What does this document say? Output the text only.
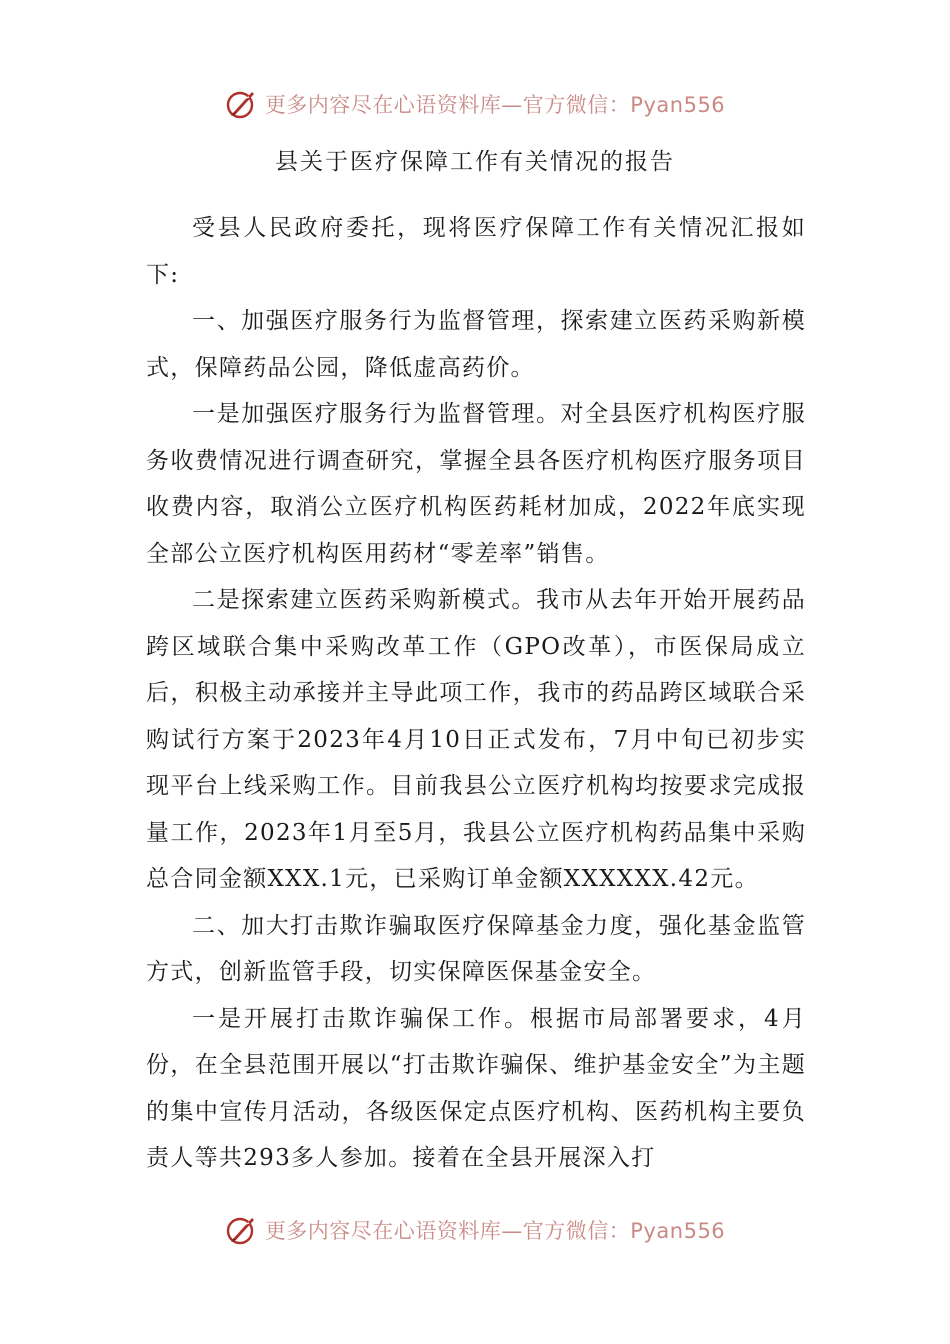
更多内容尽在心语资料库—官方微信：Pyan556
县关于医疗保障工作有关情况的报告

受县人民政府委托，现将医疗保障工作有关情况汇报如下:

一、加强医疗服务行为监督管理，探索建立医药采购新模式，保障药品公园，降低虚高药价。

一是加强医疗服务行为监督管理。对全县医疗机构医疗服务收费情况进行调查研究，掌握全县各医疗机构医疗服务项目收费内容，取消公立医疗机构医药耗材加成，2022年底实现全部公立医疗机构医用药材“零差率”销售。

二是探索建立医药采购新模式。我市从去年开始开展药品跨区域联合集中采购改革工作（GPO改革），市医保局成立后，积极主动承接并主导此项工作，我市的药品跨区域联合采购试行方案于2023年4月10日正式发布，7月中旬已初步实现平台上线采购工作。目前我县公立医疗机构均按要求完成报量工作，2023年1月至5月，我县公立医疗机构药品集中采购总合同金额XXX.1元，已采购订单金额XXXXXX.42元。

二、加大打击欺诈骗取医疗保障基金力度，强化基金监管方式，创新监管手段，切实保障医保基金安全。

一是开展打击欺诈骗保工作。根据市局部署要求，4月份，在全县范围开展以“打击欺诈骗保、维护基金安全”为主题的集中宣传月活动，各级医保定点医疗机构、医药机构主要负责人等共293多人参加。接着在全县开展深入打

更多内容尽在心语资料库—官方微信：Pyan556
